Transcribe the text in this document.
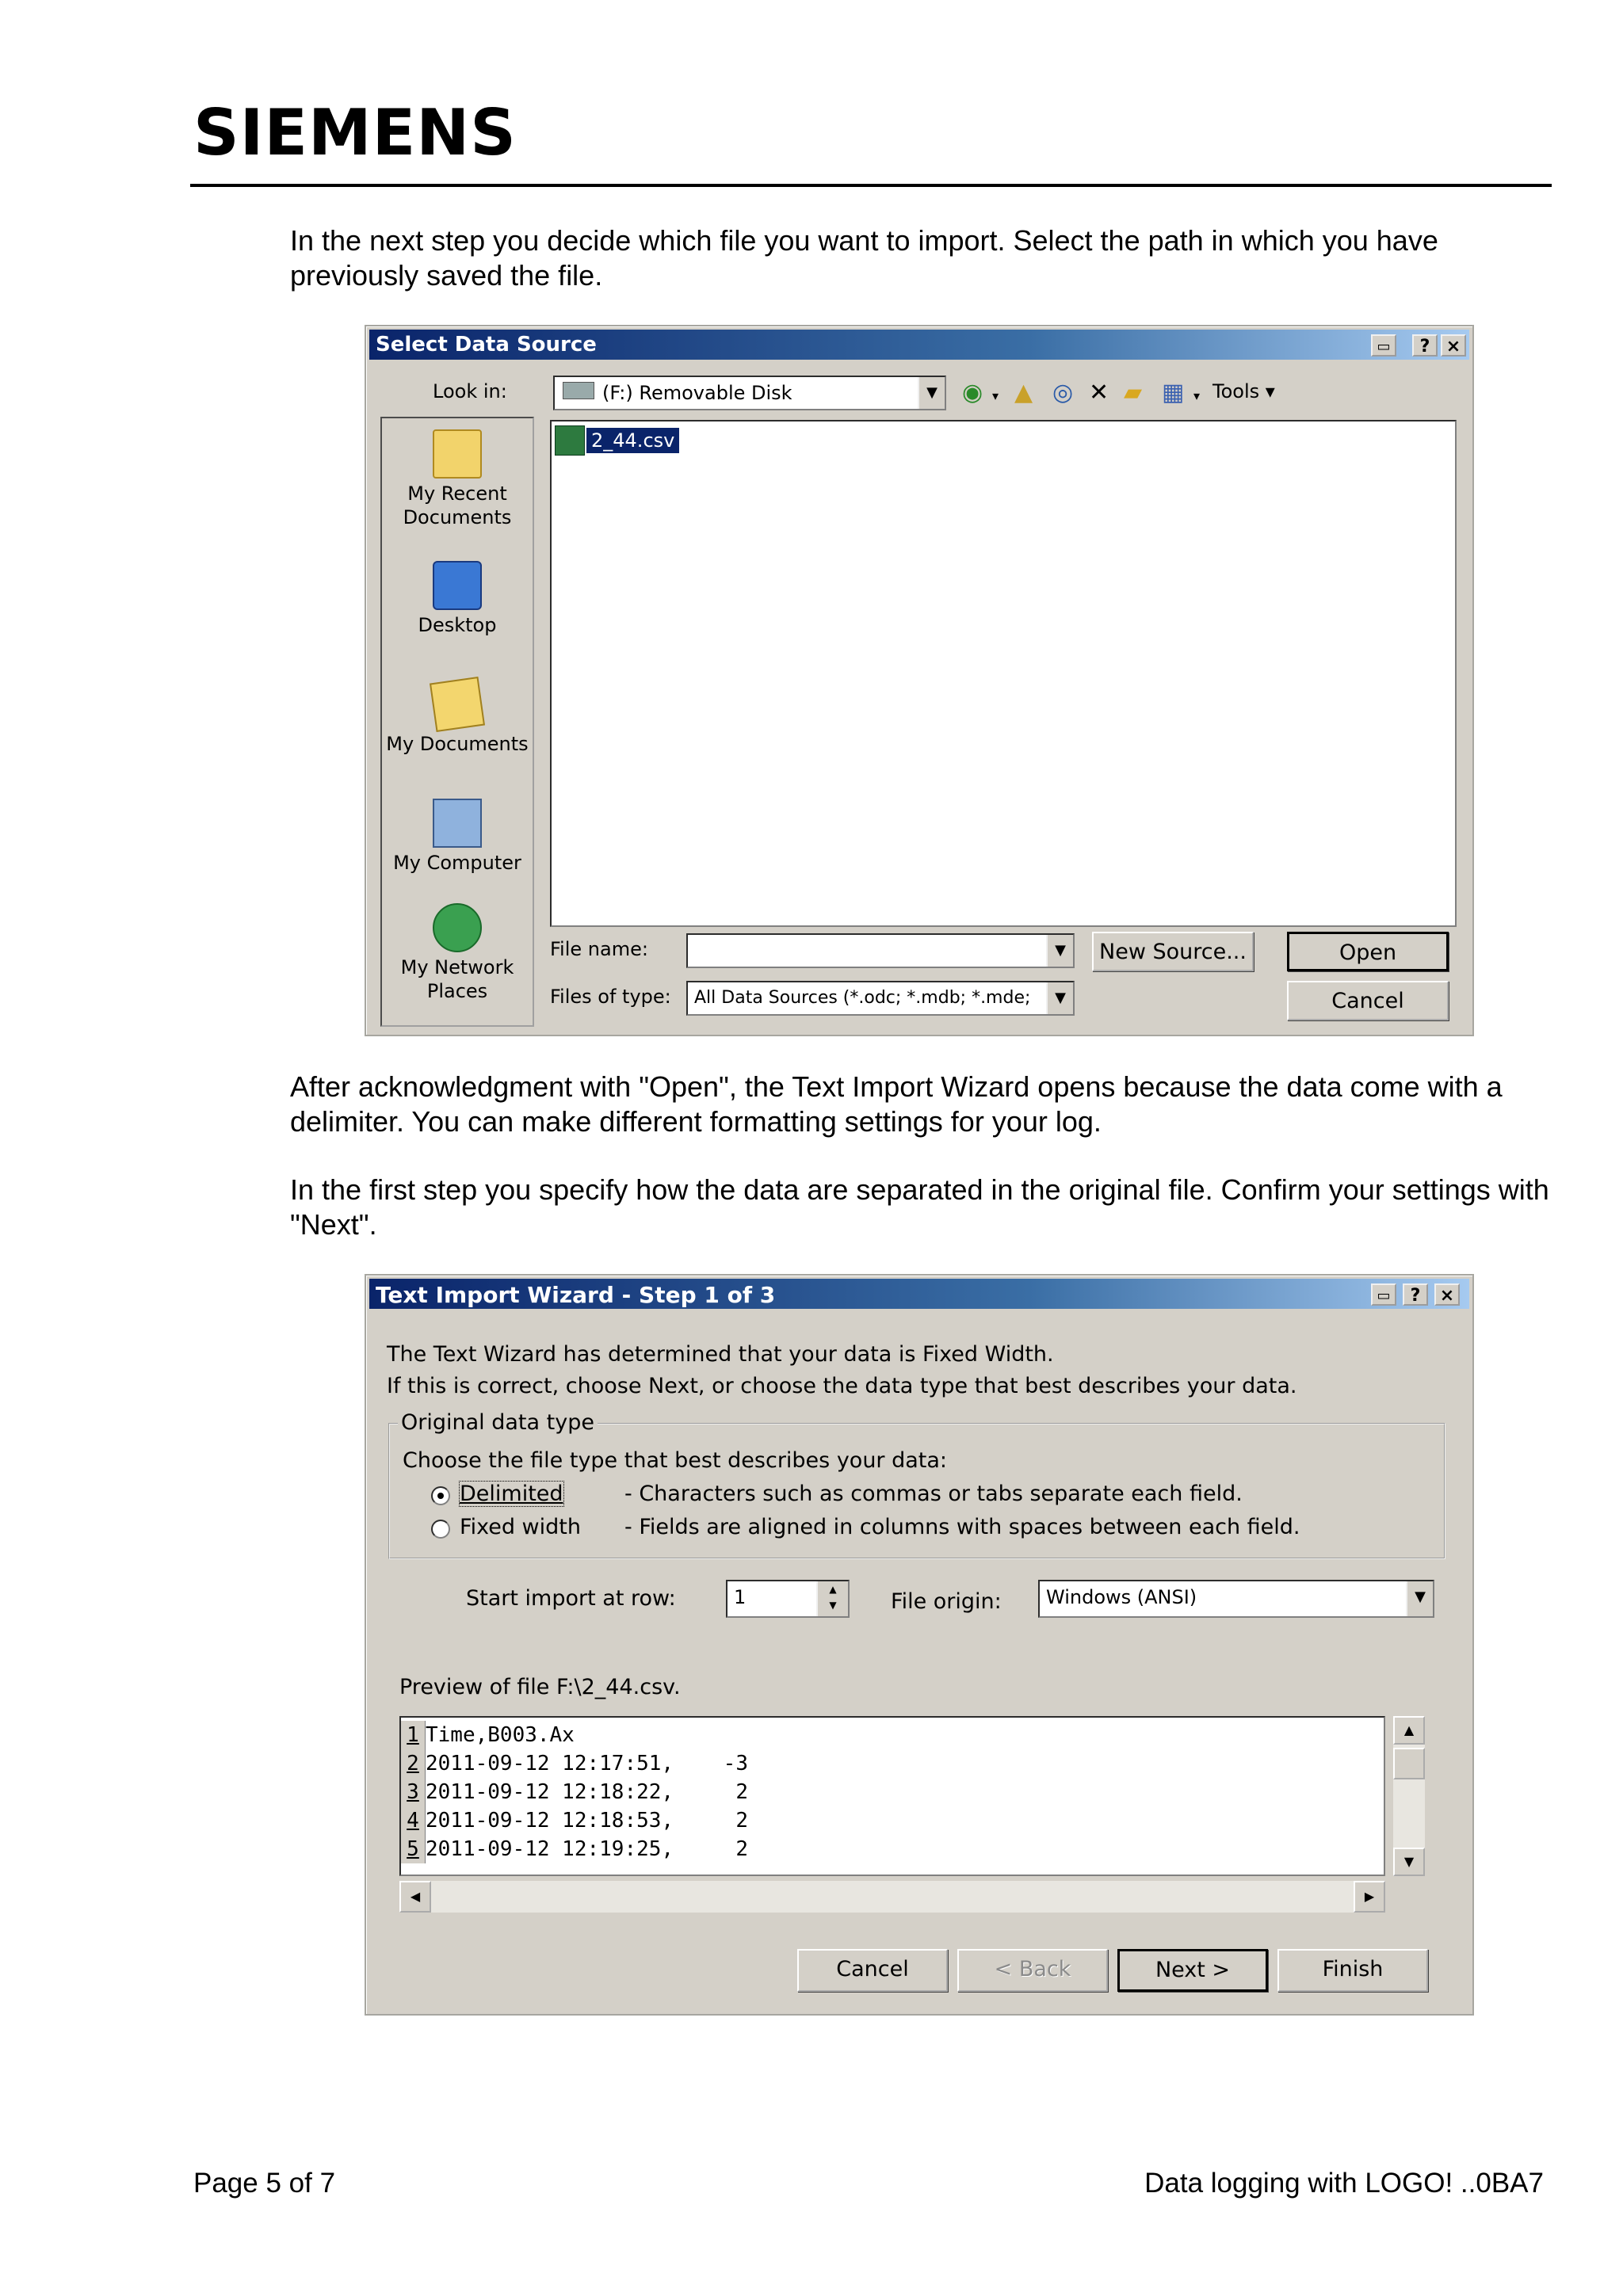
SIEMENS
In the next step you decide which file you want to import. Select the path in which you have previously saved the file.
Select Data Source	▭	? ×
Look in:	(F:) Removable Disk	▼	◉ ▾ ▲ ◎ ✕ ▰ ▦ ▾ Tools ▾
My Recent Documents
Desktop
My Documents
My Computer
My Network Places
2_44.csv
File name:	▼	New Source...	Open
Files of type:	All Data Sources (*.odc; *.mdb; *.mde;	▼	Cancel
After acknowledgment with "Open", the Text Import Wizard opens because the data come with a delimiter. You can make different formatting settings for your log.
In the first step you specify how the data are separated in the original file. Confirm your settings with "Next".
Text Import Wizard - Step 1 of 3	▭	?	×
The Text Wizard has determined that your data is Fixed Width.
If this is correct, choose Next, or choose the data type that best describes your data.
Original data type
Choose the file type that best describes your data:
Delimited	- Characters such as commas or tabs separate each field.
Fixed width - Fields are aligned in columns with spaces between each field.
Start import at row:	1	▲
▼	File origin:	Windows (ANSI)	▼
Preview of file F:\2_44.csv.
1 Time,B003.Ax
2 2011-09-12 12:17:51,    -3
3 2011-09-12 12:18:22,     2
4 2011-09-12 12:18:53,     2
5 2011-09-12 12:19:25,     2
▲
▼
◀	▶
Cancel	< Back	Next >	Finish
Page 5 of 7	Data logging with LOGO! ..0BA7
